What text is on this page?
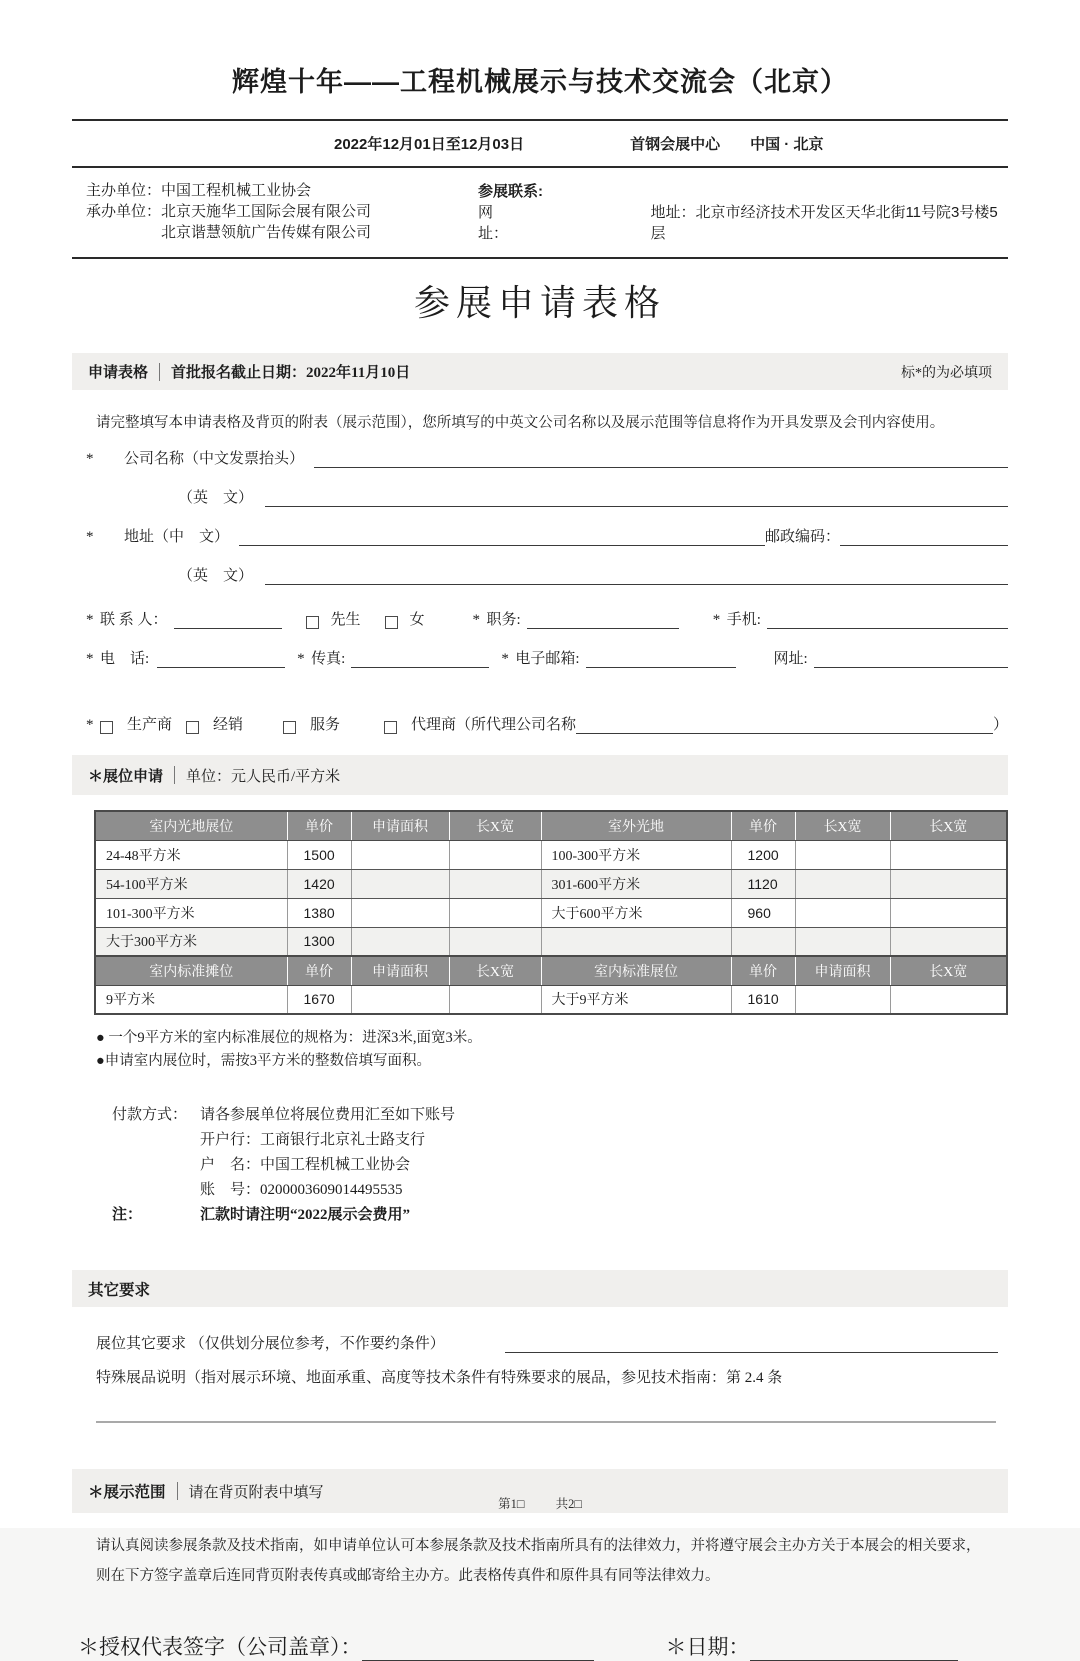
辉煌十年——工程机械展示与技术交流会（北京）
2022年12月01日至12月03日	首钢会展中心 中国 · 北京
主办单位：中国工程机械工业协会
承办单位：北京天施华工国际会展有限公司
北京谐慧领航广告传媒有限公司
参展联系:
网址：
地址：北京市经济技术开发区天华北街11号院3号楼5层
参展申请表格
申请表格 首批报名截止日期：2022年11月10日	标*的为必填项
请完整填写本申请表格及背页的附表（展示范围），您所填写的中英文公司名称以及展示范围等信息将作为开具发票及会刊内容使用。
*	公司名称（中文发票抬头）
（英　文）
*	地址（中　文）	邮政编码：
（英　文）
* 联 系 人：	先生	女	* 职务:	* 手机:
* 电　话:	* 传真:	* 电子邮箱:	网址:
*	生产商	经销	服务	代理商（所代理公司名称	）
＊展位申请 单位：元人民币/平方米
室内光地展位	单价	申请面积	长X宽	室外光地	单价	长X宽	长X宽
24-48平方米	1500			100-300平方米	1200		
54-100平方米	1420			301-600平方米	1120		
101-300平方米	1380			大于600平方米	960		
大于300平方米	1300						
室内标准摊位	单价	申请面积	长X宽	室内标准展位	单价	申请面积	长X宽
9平方米	1670			大于9平方米	1610		
● 一个9平方米的室内标准展位的规格为：进深3米,面宽3米。
●申请室内展位时，需按3平方米的整数倍填写面积。
付款方式： 请各参展单位将展位费用汇至如下账号
开户行：工商银行北京礼士路支行
户　名：中国工程机械工业协会
账　号：0200003609014495535
注：	汇款时请注明“2022展示会费用”
其它要求
展位其它要求 （仅供划分展位参考，不作要约条件）
特殊展品说明（指对展示环境、地面承重、高度等技术条件有特殊要求的展品，参见技术指南：第 2.4 条
＊展示范围 请在背页附表中填写
请认真阅读参展条款及技术指南，如申请单位认可本参展条款及技术指南所具有的法律效力，并将遵守展会主办方关于本展会的相关要求，则在下方签字盖章后连同背页附表传真或邮寄给主办方。此表格传真件和原件具有同等法律效力。
＊授权代表签字（公司盖章）：	＊日期：
第1□ 共2□
